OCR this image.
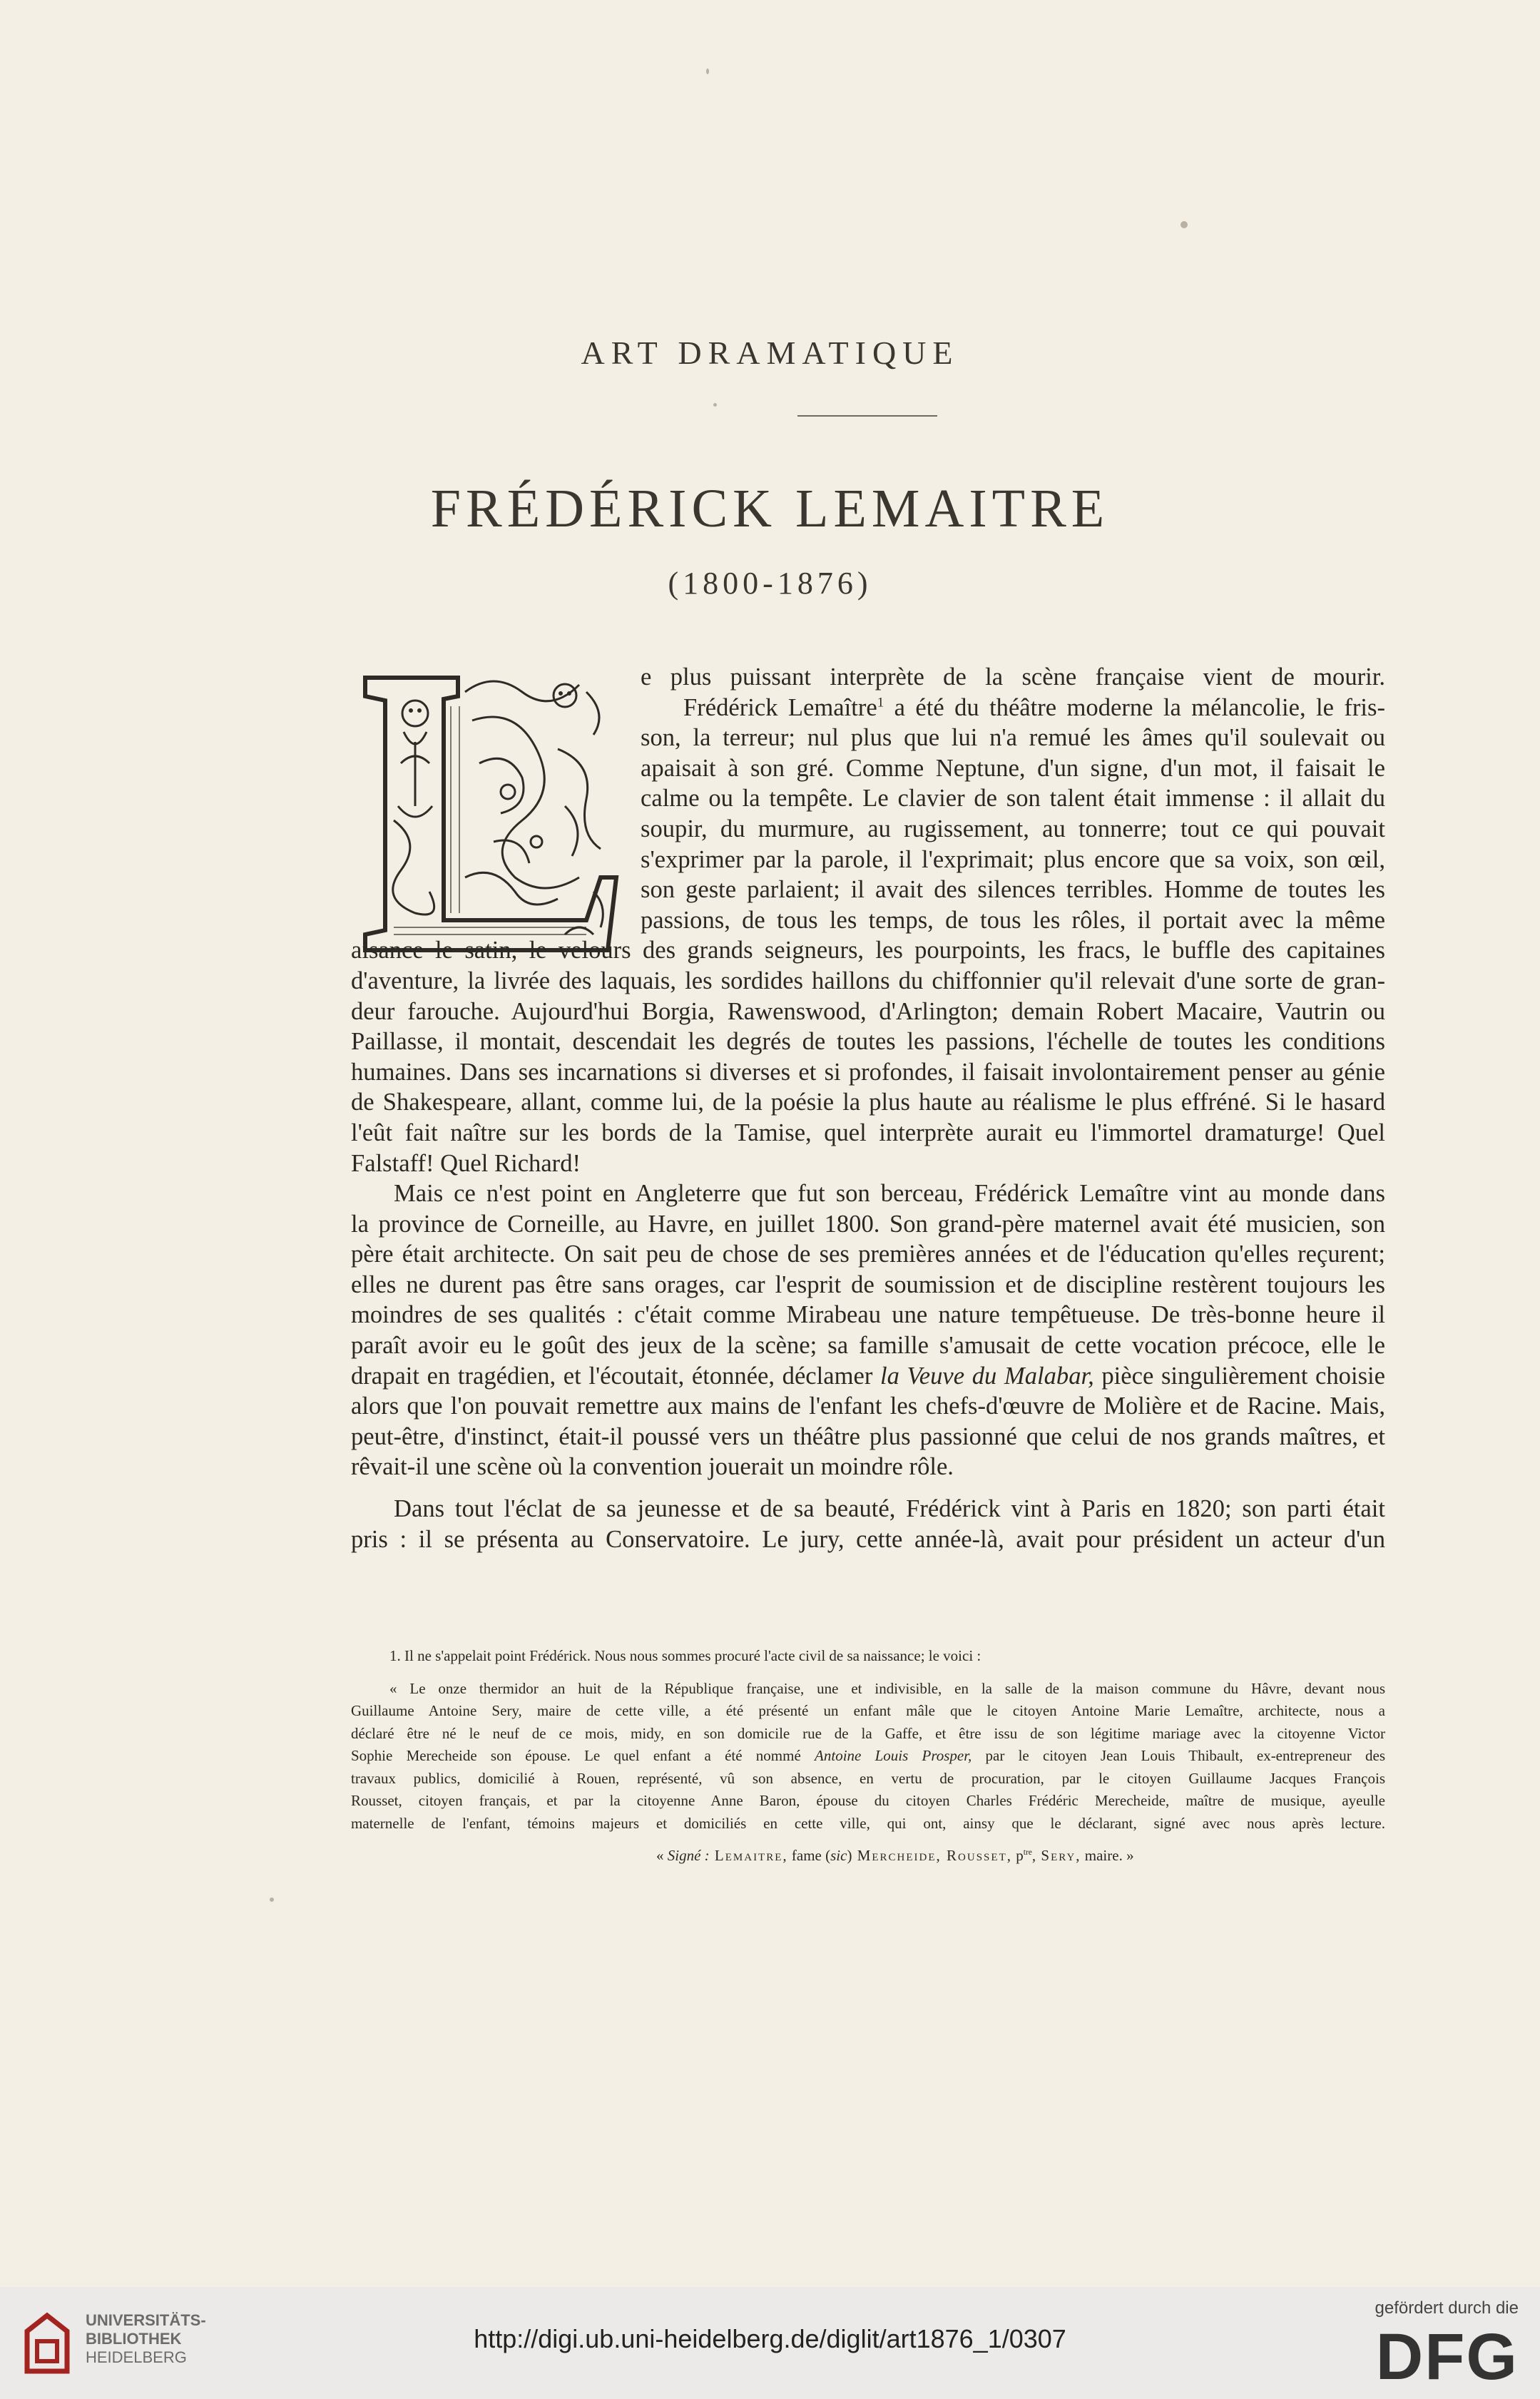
ART DRAMATIQUE
FRÉDÉRICK LEMAITRE
(1800-1876)
e plus puissant interprète de la scène française vient de mourir.
Frédérick Lemaître$^1$ a été du théâtre moderne la mélancolie, le fris-
son, la terreur; nul plus que lui n'a remué les âmes qu'il soulevait ou
apaisait à son gré. Comme Neptune, d'un signe, d'un mot, il faisait le
calme ou la tempête. Le clavier de son talent était immense : il allait du
soupir, du murmure, au rugissement, au tonnerre; tout ce qui pouvait
s'exprimer par la parole, il l'exprimait; plus encore que sa voix, son œil,
son geste parlaient; il avait des silences terribles. Homme de toutes les
passions, de tous les temps, de tous les rôles, il portait avec la même
aisance le satin, le velours des grands seigneurs, les pourpoints, les fracs, le buffle des capitaines
d'aventure, la livrée des laquais, les sordides haillons du chiffonnier qu'il relevait d'une sorte de gran-
deur farouche. Aujourd'hui Borgia, Rawenswood, d'Arlington; demain Robert Macaire, Vautrin ou
Paillasse, il montait, descendait les degrés de toutes les passions, l'échelle de toutes les conditions
humaines. Dans ses incarnations si diverses et si profondes, il faisait involontairement penser au génie
de Shakespeare, allant, comme lui, de la poésie la plus haute au réalisme le plus effréné. Si le hasard
l'eût fait naître sur les bords de la Tamise, quel interprète aurait eu l'immortel dramaturge! Quel
Falstaff! Quel Richard!
Mais ce n'est point en Angleterre que fut son berceau, Frédérick Lemaître vint au monde dans
la province de Corneille, au Havre, en juillet 1800. Son grand-père maternel avait été musicien, son
père était architecte. On sait peu de chose de ses premières années et de l'éducation qu'elles reçurent;
elles ne durent pas être sans orages, car l'esprit de soumission et de discipline restèrent toujours les
moindres de ses qualités : c'était comme Mirabeau une nature tempêtueuse. De très-bonne heure il
paraît avoir eu le goût des jeux de la scène; sa famille s'amusait de cette vocation précoce, elle le
drapait en tragédien, et l'écoutait, étonnée, déclamer la Veuve du Malabar, pièce singulièrement choisie
alors que l'on pouvait remettre aux mains de l'enfant les chefs-d'œuvre de Molière et de Racine. Mais,
peut-être, d'instinct, était-il poussé vers un théâtre plus passionné que celui de nos grands maîtres, et
rêvait-il une scène où la convention jouerait un moindre rôle.
Dans tout l'éclat de sa jeunesse et de sa beauté, Frédérick vint à Paris en 1820; son parti était
pris : il se présenta au Conservatoire. Le jury, cette année-là, avait pour président un acteur d'un
1. Il ne s'appelait point Frédérick. Nous nous sommes procuré l'acte civil de sa naissance; le voici :
« Le onze thermidor an huit de la République française, une et indivisible, en la salle de la maison commune du Hâvre, devant nous
Guillaume Antoine Sery, maire de cette ville, a été présenté un enfant mâle que le citoyen Antoine Marie Lemaître, architecte, nous a
déclaré être né le neuf de ce mois, midy, en son domicile rue de la Gaffe, et être issu de son légitime mariage avec la citoyenne Victor
Sophie Merecheide son épouse. Le quel enfant a été nommé Antoine Louis Prosper, par le citoyen Jean Louis Thibault, ex-entrepreneur des
travaux publics, domicilié à Rouen, représenté, vû son absence, en vertu de procuration, par le citoyen Guillaume Jacques François
Rousset, citoyen français, et par la citoyenne Anne Baron, épouse du citoyen Charles Frédéric Merecheide, maître de musique, ayeulle
maternelle de l'enfant, témoins majeurs et domiciliés en cette ville, qui ont, ainsy que le déclarant, signé avec nous après lecture.
« Signé : Lemaitre, fame (sic) Mercheide, Rousset, $p^{tre}$, Sery, maire. »
UNIVERSITÄTS-
BIBLIOTHEK
HEIDELBERG
http://digi.ub.uni-heidelberg.de/diglit/art1876_1/0307
gefördert durch die
DFG
